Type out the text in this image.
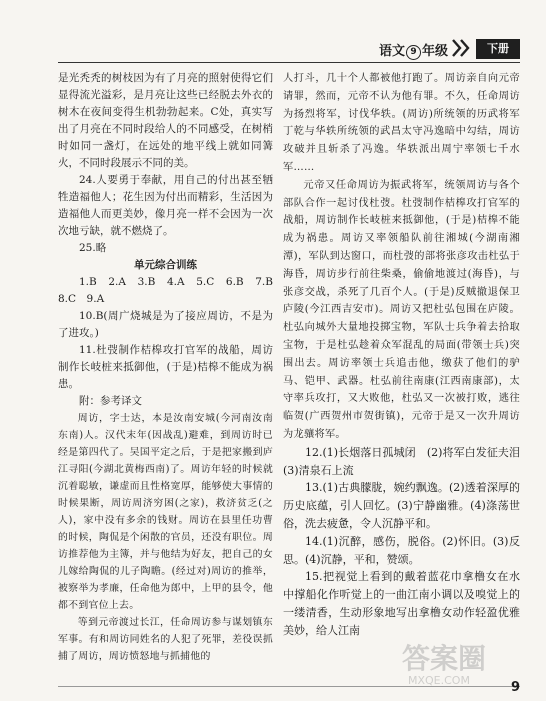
语文 9 年级	下册

是光秃秃的树枝因为有了月亮的照射使得它们显得流光溢彩，是月亮让这些已经脱去外衣的树木在夜间变得生机勃勃起来。C处，真实写出了月亮在不同时段给人的不同感受，在树梢时如同一盏灯，在远处的地平线上就如同篝火，不同时段展示不同的美。

24.人要勇于奉献，用自己的付出甚至牺牲造福他人；花生因为付出而精彩，生活因为造福他人而更美妙，像月亮一样不会因为一次次地亏缺，就不燃烧了。

25.略

单元综合训练

1.B　2.A　3.B　4.A　5.C　6.B　7.B　8.C　9.A

10.B(周广烧城是为了接应周访，不是为了进攻。)

11.杜弢制作桔槔攻打官军的战船，周访制作长岐桩来抵御他，(于是)桔槔不能成为祸患。

附：参考译文

周访，字士达，本是汝南安城(今河南汝南东南)人。汉代末年(因战乱)避难，到周访时已经是第四代了。吴国平定之后，于是把家搬到庐江寻阳(今湖北黄梅西南)了。周访年轻的时候就沉着聪敏，谦虚而且性格宽厚，能够使大事情的时候果断，周访周济穷困(之家)，救济贫乏(之人)，家中没有多余的钱财。周访在县里任功曹的时候，陶侃是个闲散的官员，还没有职位。周访推荐他为主簿，并与他结为好友，把自己的女儿嫁给陶侃的儿子陶瞻。(经过对)周访的推举，被察举为孝廉，任命他为郎中，上甲的县令，他都不到官位上去。

等到元帝渡过长江，任命周访参与谋划镇东军事。有和周访同姓名的人犯了死罪，差役误抓捕了周访，周访愤怒地与抓捕他的

人打斗，几十个人都被他打跑了。周访亲自向元帝请罪，然而，元帝不认为他有罪。不久，任命周访为扬烈将军，讨伐华轶。(周访)所统领的历武将军丁乾与华轶所统领的武昌太守冯逸暗中勾结，周访攻破并且斩杀了冯逸。华轶派出周宁率领七千水军……

元帝又任命周访为振武将军，统领周访与各个部队合作一起讨伐杜弢。杜弢制作桔槔攻打官军的战船，周访制作长岐桩来抵御他，(于是)桔槔不能成为祸患。周访又率领船队前往湘城(今湖南湘潭)，军队到达窗口，而杜弢的部将张彦攻击杜弘于海昏，周访步行前往柴桑，偷偷地渡过(海昏)，与张彦交战，杀死了几百个人。(于是)反贼撤退保卫庐陵(今江西吉安市)。周访又把杜弘包围在庐陵。杜弘向城外大量地投掷宝物，军队士兵争着去拾取宝物，于是杜弘趁着众军混乱的局面(带领士兵)突围出去。周访率领士兵追击他，缴获了他们的驴马、铠甲、武器。杜弘前往南康(江西南康部)，太守率兵攻打，又大败他，杜弘又一次被打败，逃往临贺(广西贺州市贺街镇)，元帝于是又一次升周访为龙骧将军。

12.(1)长烟落日孤城闭　(2)将军白发征夫泪　(3)清泉石上流

13.(1)古典朦胧，婉约飘逸。(2)透着深厚的历史底蕴，引人回忆。(3)宁静幽雅。(4)涤荡世俗，洗去疲惫，令人沉静平和。

14.(1)沉醉，感伤，脱俗。(2)怀旧。(3)反思。(4)沉静，平和，赞颂。

15.把视觉上看到的戴着蓝花巾拿橹女在水中撑船化作听觉上的一曲江南小调以及嗅觉上的一缕清香，生动形象地写出拿橹女动作轻盈优雅美妙，给人江南

9
答案圈
MXQE.COM
